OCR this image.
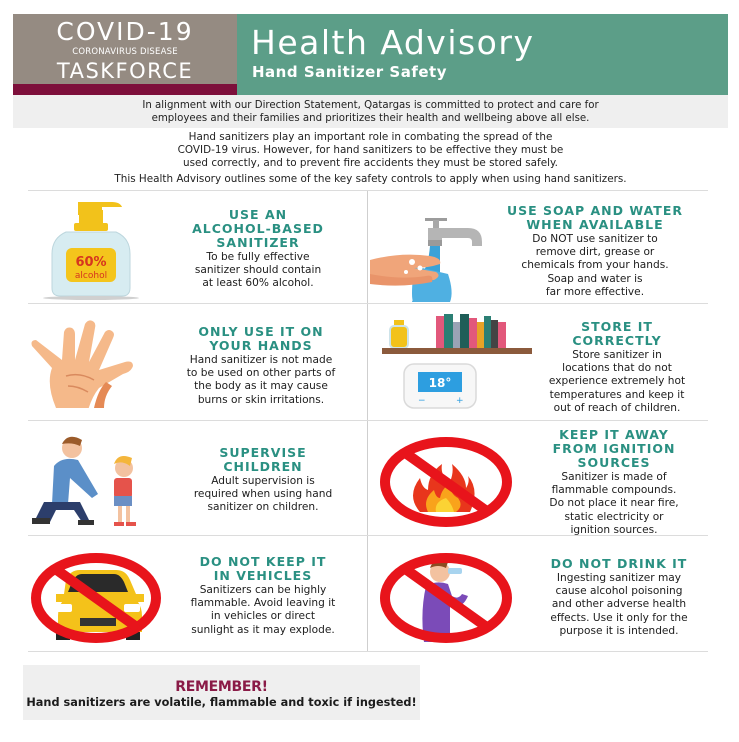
COVID-19
CORONAVIRUS DISEASE
TASKFORCE
Health Advisory
Hand Sanitizer Safety
In alignment with our Direction Statement, Qatargas is committed to protect and care for
employees and their families and prioritizes their health and wellbeing above all else.
Hand sanitizers play an important role in combating the spread of the
COVID-19 virus. However, for hand sanitizers to be effective they must be
used correctly, and to prevent fire accidents they must be stored safely.
This Health Advisory outlines some of the key safety controls to apply when using hand sanitizers.
60%
alcohol
USE AN
ALCOHOL-BASED
SANITIZER
To be fully effective
sanitizer should contain
at least 60% alcohol.
USE SOAP AND WATER
WHEN AVAILABLE
Do NOT use sanitizer to
remove dirt, grease or
chemicals from your hands.
Soap and water is
far more effective.
ONLY USE IT ON
YOUR HANDS
Hand sanitizer is not made
to be used on other parts of
the body as it may cause
burns or skin irritations.
18°
−	+
STORE IT
CORRECTLY
Store sanitizer in
locations that do not
experience extremely hot
temperatures and keep it
out of reach of children.
SUPERVISE
CHILDREN
Adult supervision is
required when using hand
sanitizer on children.
KEEP IT AWAY
FROM IGNITION
SOURCES
Sanitizer is made of
flammable compounds.
Do not place it near fire,
static electricity or
ignition sources.
DO NOT KEEP IT
IN VEHICLES
Sanitizers can be highly
flammable. Avoid leaving it
in vehicles or direct
sunlight as it may explode.
DO NOT DRINK IT
Ingesting sanitizer may
cause alcohol poisoning
and other adverse health
effects. Use it only for the
purpose it is intended.
REMEMBER!
Hand sanitizers are volatile, flammable and toxic if ingested!
